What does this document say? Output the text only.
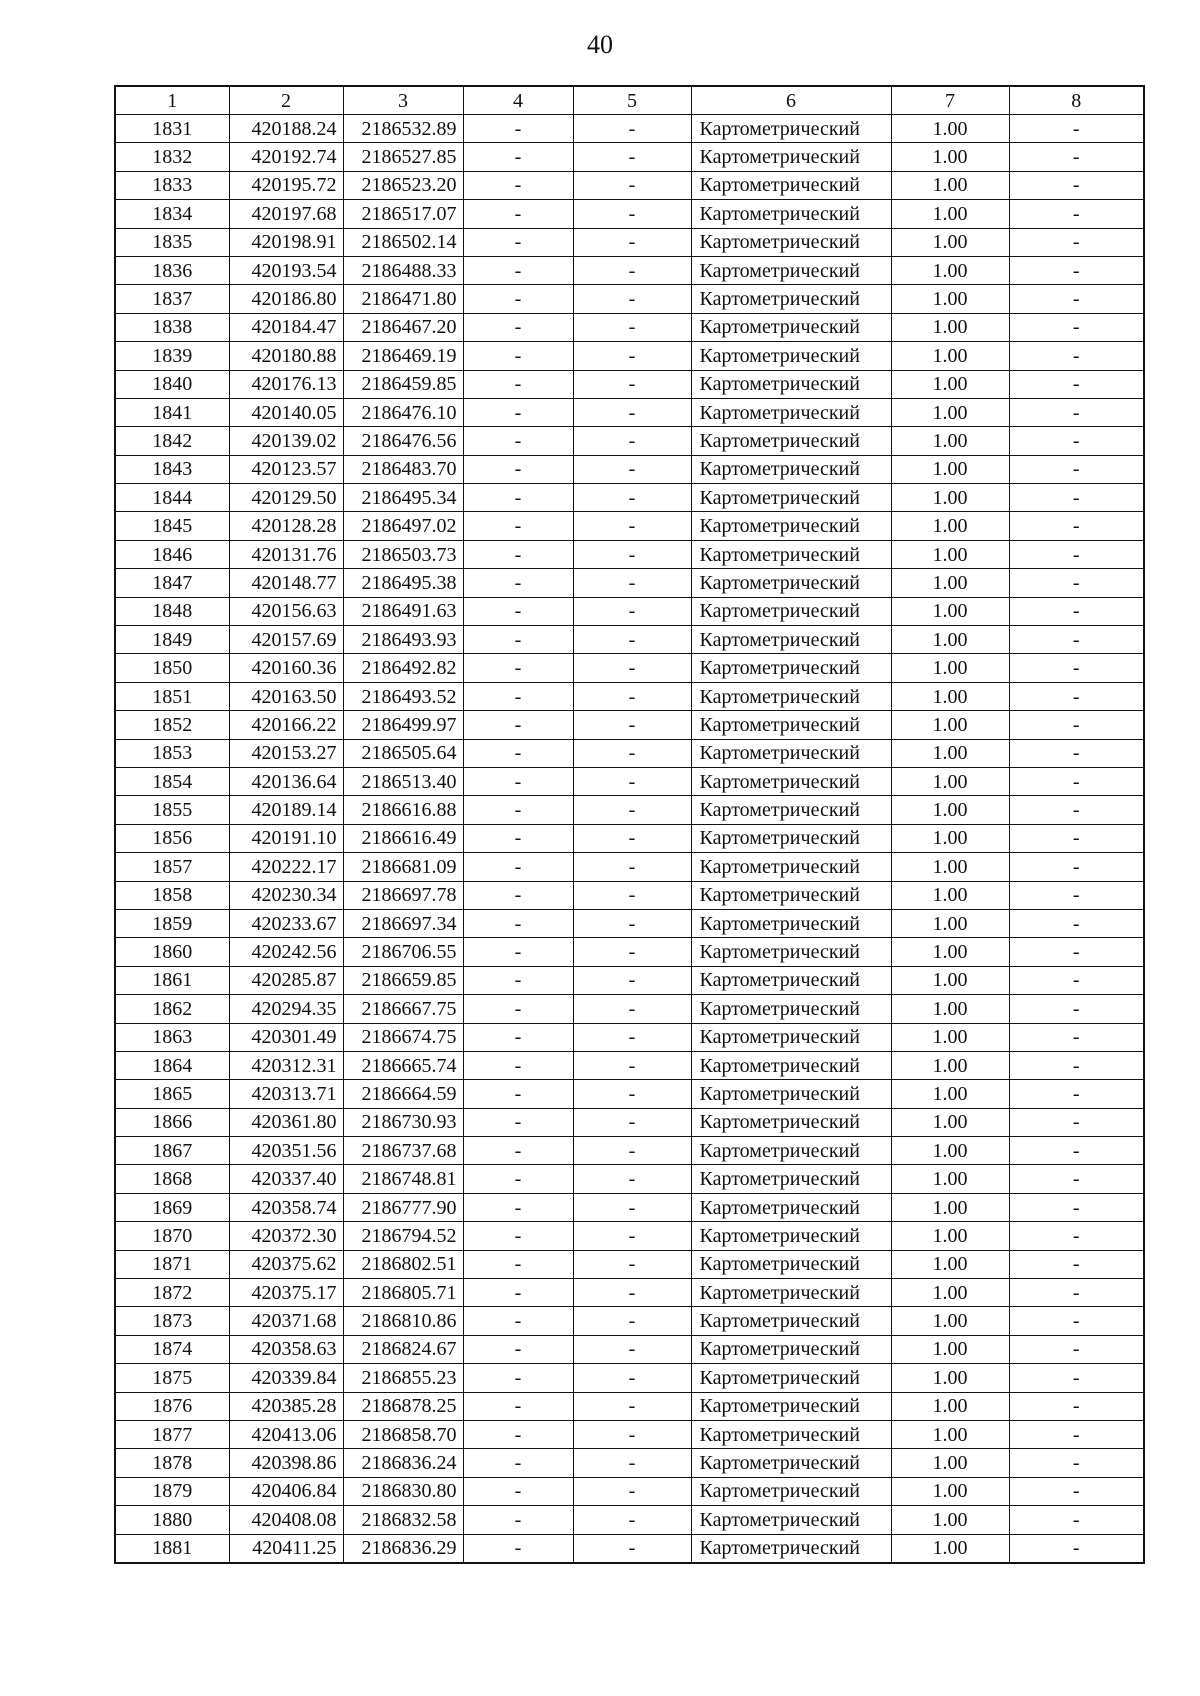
40
1	2	3	4	5	6	7	8
1831	420188.24	2186532.89	-	-	Картометрический	1.00	-
1832	420192.74	2186527.85	-	-	Картометрический	1.00	-
1833	420195.72	2186523.20	-	-	Картометрический	1.00	-
1834	420197.68	2186517.07	-	-	Картометрический	1.00	-
1835	420198.91	2186502.14	-	-	Картометрический	1.00	-
1836	420193.54	2186488.33	-	-	Картометрический	1.00	-
1837	420186.80	2186471.80	-	-	Картометрический	1.00	-
1838	420184.47	2186467.20	-	-	Картометрический	1.00	-
1839	420180.88	2186469.19	-	-	Картометрический	1.00	-
1840	420176.13	2186459.85	-	-	Картометрический	1.00	-
1841	420140.05	2186476.10	-	-	Картометрический	1.00	-
1842	420139.02	2186476.56	-	-	Картометрический	1.00	-
1843	420123.57	2186483.70	-	-	Картометрический	1.00	-
1844	420129.50	2186495.34	-	-	Картометрический	1.00	-
1845	420128.28	2186497.02	-	-	Картометрический	1.00	-
1846	420131.76	2186503.73	-	-	Картометрический	1.00	-
1847	420148.77	2186495.38	-	-	Картометрический	1.00	-
1848	420156.63	2186491.63	-	-	Картометрический	1.00	-
1849	420157.69	2186493.93	-	-	Картометрический	1.00	-
1850	420160.36	2186492.82	-	-	Картометрический	1.00	-
1851	420163.50	2186493.52	-	-	Картометрический	1.00	-
1852	420166.22	2186499.97	-	-	Картометрический	1.00	-
1853	420153.27	2186505.64	-	-	Картометрический	1.00	-
1854	420136.64	2186513.40	-	-	Картометрический	1.00	-
1855	420189.14	2186616.88	-	-	Картометрический	1.00	-
1856	420191.10	2186616.49	-	-	Картометрический	1.00	-
1857	420222.17	2186681.09	-	-	Картометрический	1.00	-
1858	420230.34	2186697.78	-	-	Картометрический	1.00	-
1859	420233.67	2186697.34	-	-	Картометрический	1.00	-
1860	420242.56	2186706.55	-	-	Картометрический	1.00	-
1861	420285.87	2186659.85	-	-	Картометрический	1.00	-
1862	420294.35	2186667.75	-	-	Картометрический	1.00	-
1863	420301.49	2186674.75	-	-	Картометрический	1.00	-
1864	420312.31	2186665.74	-	-	Картометрический	1.00	-
1865	420313.71	2186664.59	-	-	Картометрический	1.00	-
1866	420361.80	2186730.93	-	-	Картометрический	1.00	-
1867	420351.56	2186737.68	-	-	Картометрический	1.00	-
1868	420337.40	2186748.81	-	-	Картометрический	1.00	-
1869	420358.74	2186777.90	-	-	Картометрический	1.00	-
1870	420372.30	2186794.52	-	-	Картометрический	1.00	-
1871	420375.62	2186802.51	-	-	Картометрический	1.00	-
1872	420375.17	2186805.71	-	-	Картометрический	1.00	-
1873	420371.68	2186810.86	-	-	Картометрический	1.00	-
1874	420358.63	2186824.67	-	-	Картометрический	1.00	-
1875	420339.84	2186855.23	-	-	Картометрический	1.00	-
1876	420385.28	2186878.25	-	-	Картометрический	1.00	-
1877	420413.06	2186858.70	-	-	Картометрический	1.00	-
1878	420398.86	2186836.24	-	-	Картометрический	1.00	-
1879	420406.84	2186830.80	-	-	Картометрический	1.00	-
1880	420408.08	2186832.58	-	-	Картометрический	1.00	-
1881	420411.25	2186836.29	-	-	Картометрический	1.00	-
